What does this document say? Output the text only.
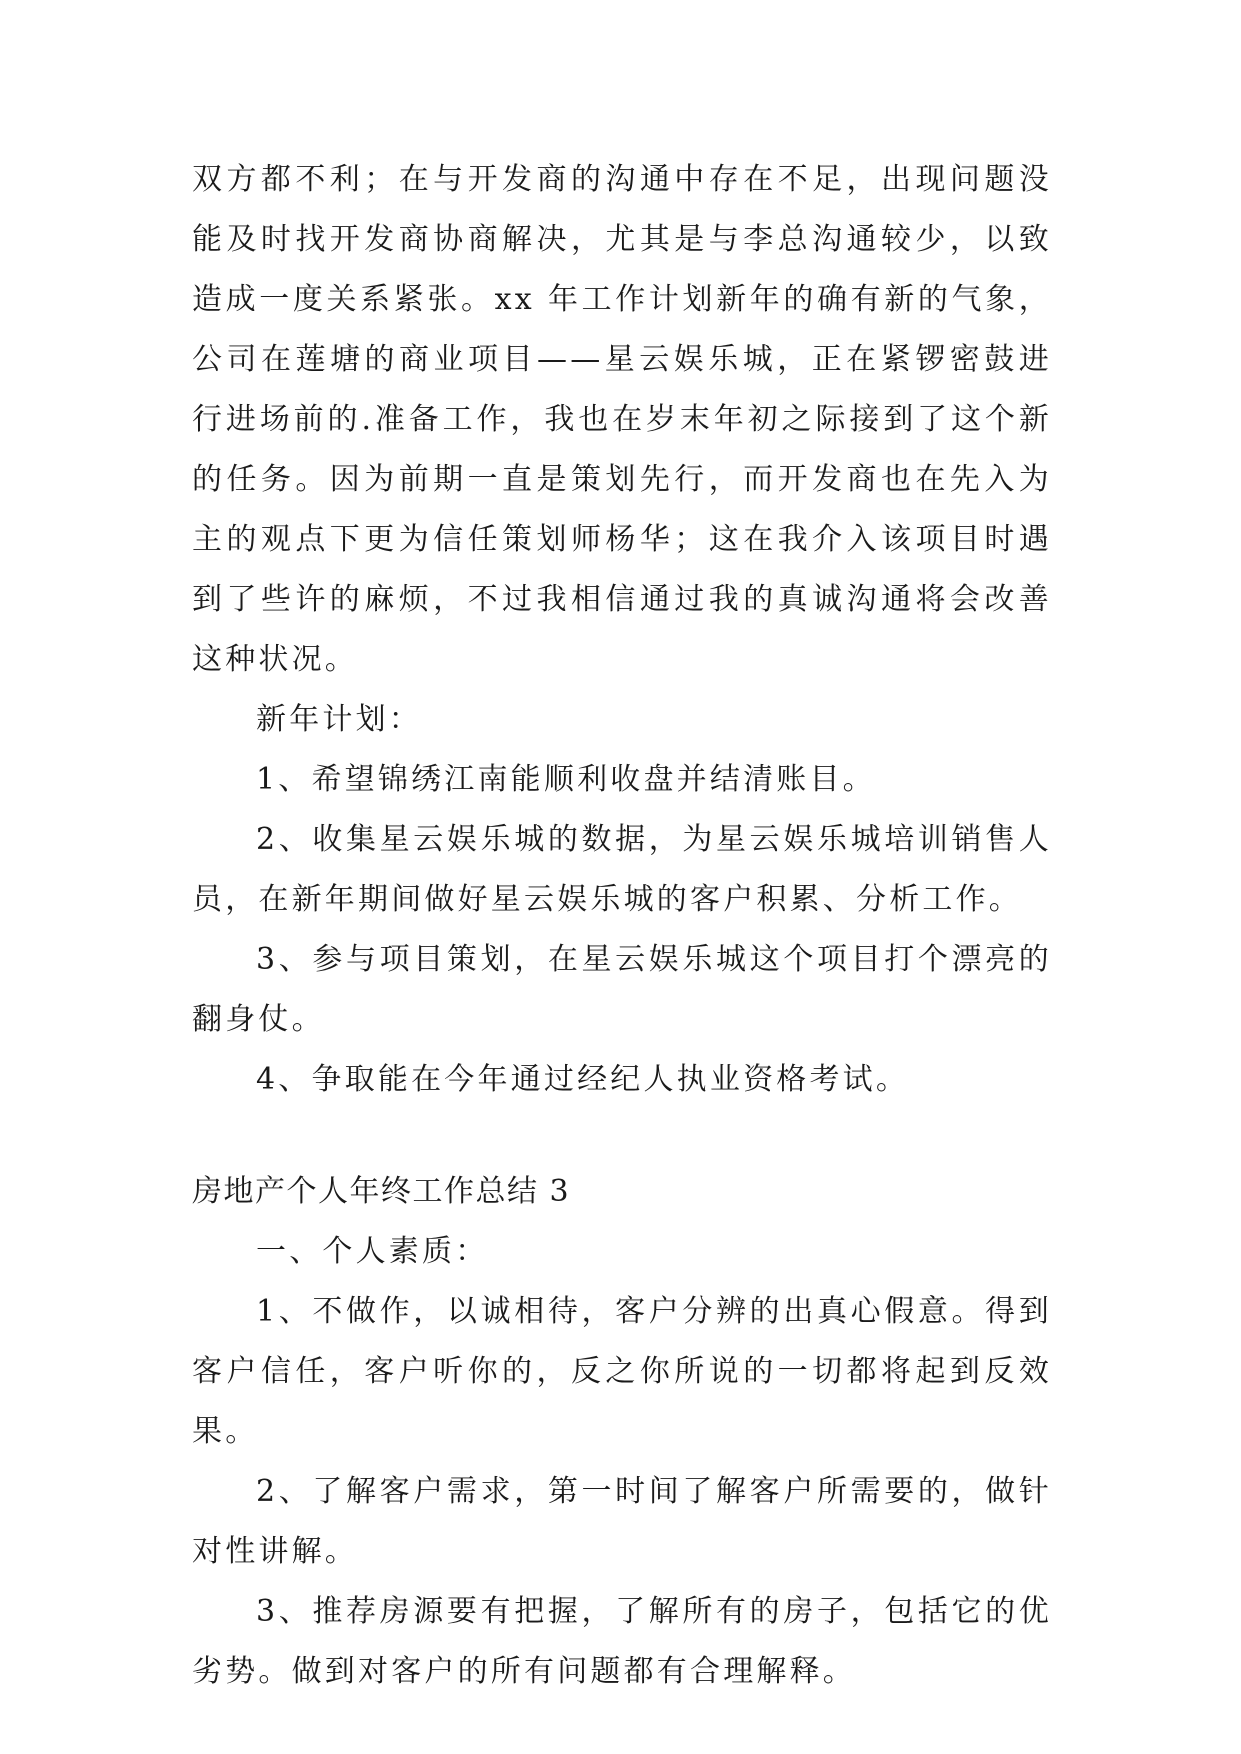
双方都不利；在与开发商的沟通中存在不足，出现问题没能及时找开发商协商解决，尤其是与李总沟通较少，以致造成一度关系紧张。xx 年工作计划新年的确有新的气象，公司在莲塘的商业项目——星云娱乐城，正在紧锣密鼓进行进场前的.准备工作，我也在岁末年初之际接到了这个新的任务。因为前期一直是策划先行，而开发商也在先入为主的观点下更为信任策划师杨华；这在我介入该项目时遇到了些许的麻烦，不过我相信通过我的真诚沟通将会改善这种状况。

新年计划：

1、希望锦绣江南能顺利收盘并结清账目。

2、收集星云娱乐城的数据，为星云娱乐城培训销售人员，在新年期间做好星云娱乐城的客户积累、分析工作。

3、参与项目策划，在星云娱乐城这个项目打个漂亮的翻身仗。

4、争取能在今年通过经纪人执业资格考试。

房地产个人年终工作总结 3

一、个人素质：

1、不做作，以诚相待，客户分辨的出真心假意。得到客户信任，客户听你的，反之你所说的一切都将起到反效果。

2、了解客户需求，第一时间了解客户所需要的，做针对性讲解。

3、推荐房源要有把握，了解所有的房子，包括它的优劣势。做到对客户的所有问题都有合理解释。
